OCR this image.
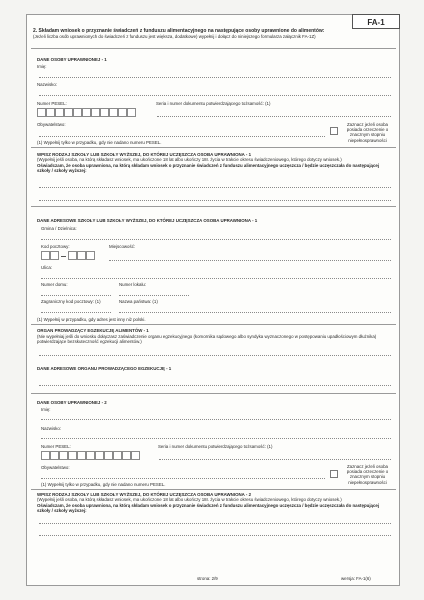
FA-1
2. Składam wniosek o przyznanie świadczeń z funduszu alimentacyjnego na następujące osoby uprawnione do alimentów:
(Jeżeli liczba osób uprawnionych do świadczeń z funduszu jest większa, dodatkowe) wypełnij i dołącz do niniejszego formularza załącznik FA-1Z)
DANE OSOBY UPRAWNIONEJ - 1
Imię:
Nazwisko:
Numer PESEL:	Seria i numer dokumentu potwierdzającego tożsamość: (1)
Obywatelstwo:	Zaznacz jeżeli osoba posiada orzeczenie o znacznym stopniu niepełnosprawności
(1) Wypełnij tylko w przypadku, gdy nie nadano numeru PESEL.
WPISZ RODZAJ SZKOŁY LUB SZKOŁY WYŻSZEJ, DO KTÓREJ UCZĘSZCZA OSOBA UPRAWNIONA - 1
(Wypełnij jeśli osoba, na którą składasz wniosek, ma ukończone 18 lat albo ukończy 18r. życia w trakcie okresu świadczeniowego, którego dotyczy wniosek.)
Oświadczam, że osoba uprawniona, na którą składam wniosek o przyznanie świadczeń z funduszu alimentacyjnego uczęszcza / będzie uczęszczała do następującej szkoły / szkoły wyższej:
DANE ADRESOWE SZKOŁY LUB SZKOŁY WYŻSZEJ, DO KTÓREJ UCZĘSZCZA OSOBA UPRAWNIONA - 1
Gmina / Dzielnica:
Kod pocztowy:	Miejscowość:
Ulica:
Numer domu:	Numer lokalu:
Zagraniczny kod pocztowy: (1)	Nazwa państwa: (1)
(1) Wypełnij w przypadku, gdy adres jest inny niż polski.
ORGAN PROWADZĄCY EGZEKUCJĘ ALIMENTÓW - 1
(Nie wypełniaj jeśli do wniosku dołączasz zaświadczenie organu egzekucyjnego (komornika sądowego albo syndyka wyznaczonego w postępowaniu upadłościowym dłużnika) potwierdzające bezskuteczność egzekucji alimentów.)
DANE ADRESOWE ORGANU PROWADZĄCEGO EGZEKUCJĘ - 1
DANE OSOBY UPRAWNIONEJ - 2
Imię:
Nazwisko:
Numer PESEL:	Seria i numer dokumentu potwierdzającego tożsamość: (1)
Obywatelstwo:	Zaznacz jeżeli osoba posiada orzeczenie o znacznym stopniu niepełnosprawności
(1) Wypełnij tylko w przypadku, gdy nie nadano numeru PESEL.
WPISZ RODZAJ SZKOŁY LUB SZKOŁY WYŻSZEJ, DO KTÓREJ UCZĘSZCZA OSOBA UPRAWNIONA - 2
(Wypełnij jeśli osoba, na którą składasz wniosek, ma ukończone 18 lat albo ukończy 18r. życia w trakcie okresu świadczeniowego, którego dotyczy wniosek.)
Oświadczam, że osoba uprawniona, na którą składam wniosek o przyznanie świadczeń z funduszu alimentacyjnego uczęszcza / będzie uczęszczała do następującej szkoły / szkoły wyższej:
strona: 2/9	wersja: FA-1(6)
